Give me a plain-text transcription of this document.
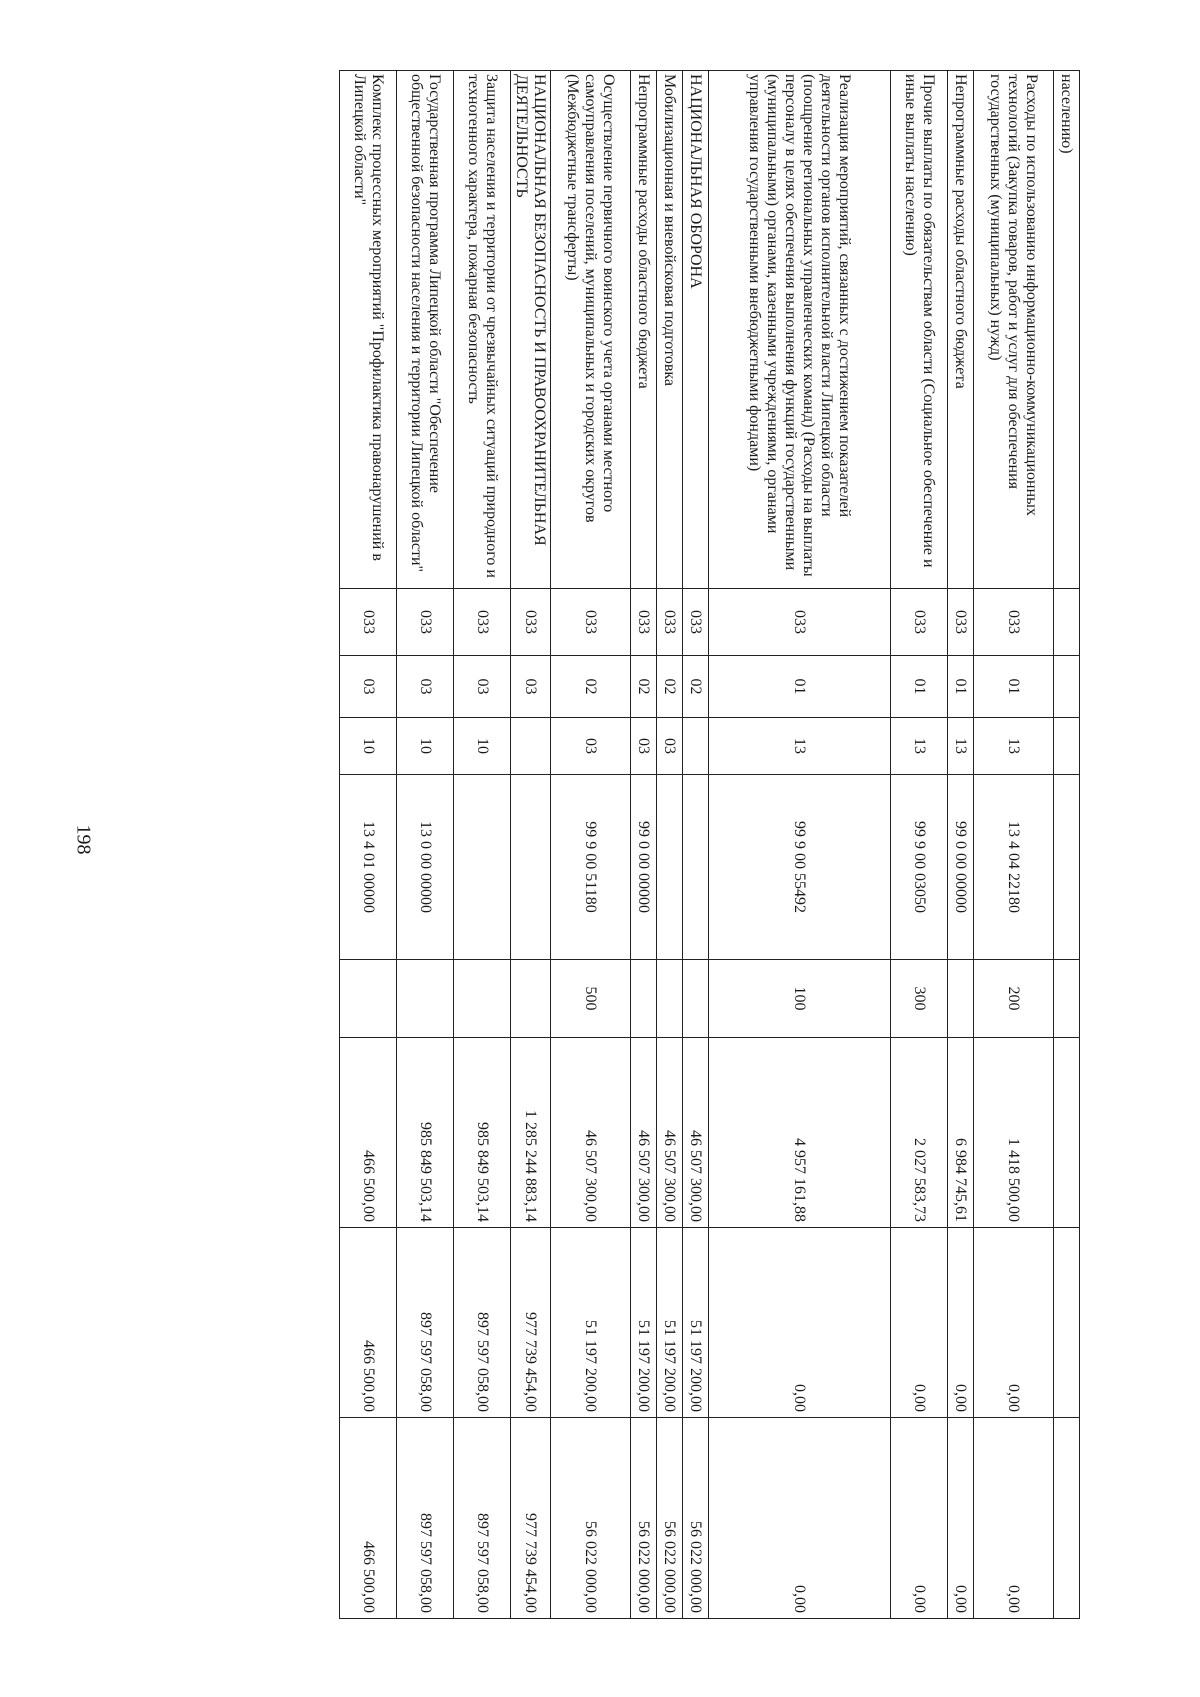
198
населению)								
Расходы по использованию информационно-коммуникационных технологий (Закупка товаров, работ и услуг для обеспечения государственных (муниципальных) нужд)	033	01	13	13 4 04 22180	200	1 418 500,00	0,00	0,00
Непрограммные расходы областного бюджета	033	01	13	99 0 00 00000		6 984 745,61	0,00	0,00
Прочие выплаты по обязательствам области (Социальное обеспечение и иные выплаты населению)	033	01	13	99 9 00 03050	300	2 027 583,73	0,00	0,00
Реализация мероприятий, связанных с достижением показателей деятельности органов исполнительной власти Липецкой области (поощрение региональных управленческих команд) (Расходы на выплаты персоналу в целях обеспечения выполнения функций государственными (муниципальными) органами, казенными учреждениями, органами управления государственными внебюджетными фондами)	033	01	13	99 9 00 55492	100	4 957 161,88	0,00	0,00
НАЦИОНАЛЬНАЯ ОБОРОНА	033	02				46 507 300,00	51 197 200,00	56 022 000,00
Мобилизационная и вневойсковая подготовка	033	02	03			46 507 300,00	51 197 200,00	56 022 000,00
Непрограммные расходы областного бюджета	033	02	03	99 0 00 00000		46 507 300,00	51 197 200,00	56 022 000,00
Осуществление первичного воинского учета органами местного самоуправления поселений, муниципальных и городских округов (Межбюджетные трансферты)	033	02	03	99 9 00 51180	500	46 507 300,00	51 197 200,00	56 022 000,00
НАЦИОНАЛЬНАЯ БЕЗОПАСНОСТЬ И ПРАВООХРАНИТЕЛЬНАЯ ДЕЯТЕЛЬНОСТЬ	033	03				1 285 244 883,14	977 739 454,00	977 739 454,00
Защита населения и территории от чрезвычайных ситуаций природного и техногенного характера, пожарная безопасность	033	03	10			985 849 503,14	897 597 058,00	897 597 058,00
Государственная программа Липецкой области "Обеспечение общественной безопасности населения и территории Липецкой области"	033	03	10	13 0 00 00000		985 849 503,14	897 597 058,00	897 597 058,00
Комплекс процессных мероприятий "Профилактика правонарушений в Липецкой области"	033	03	10	13 4 01 00000		466 500,00	466 500,00	466 500,00
